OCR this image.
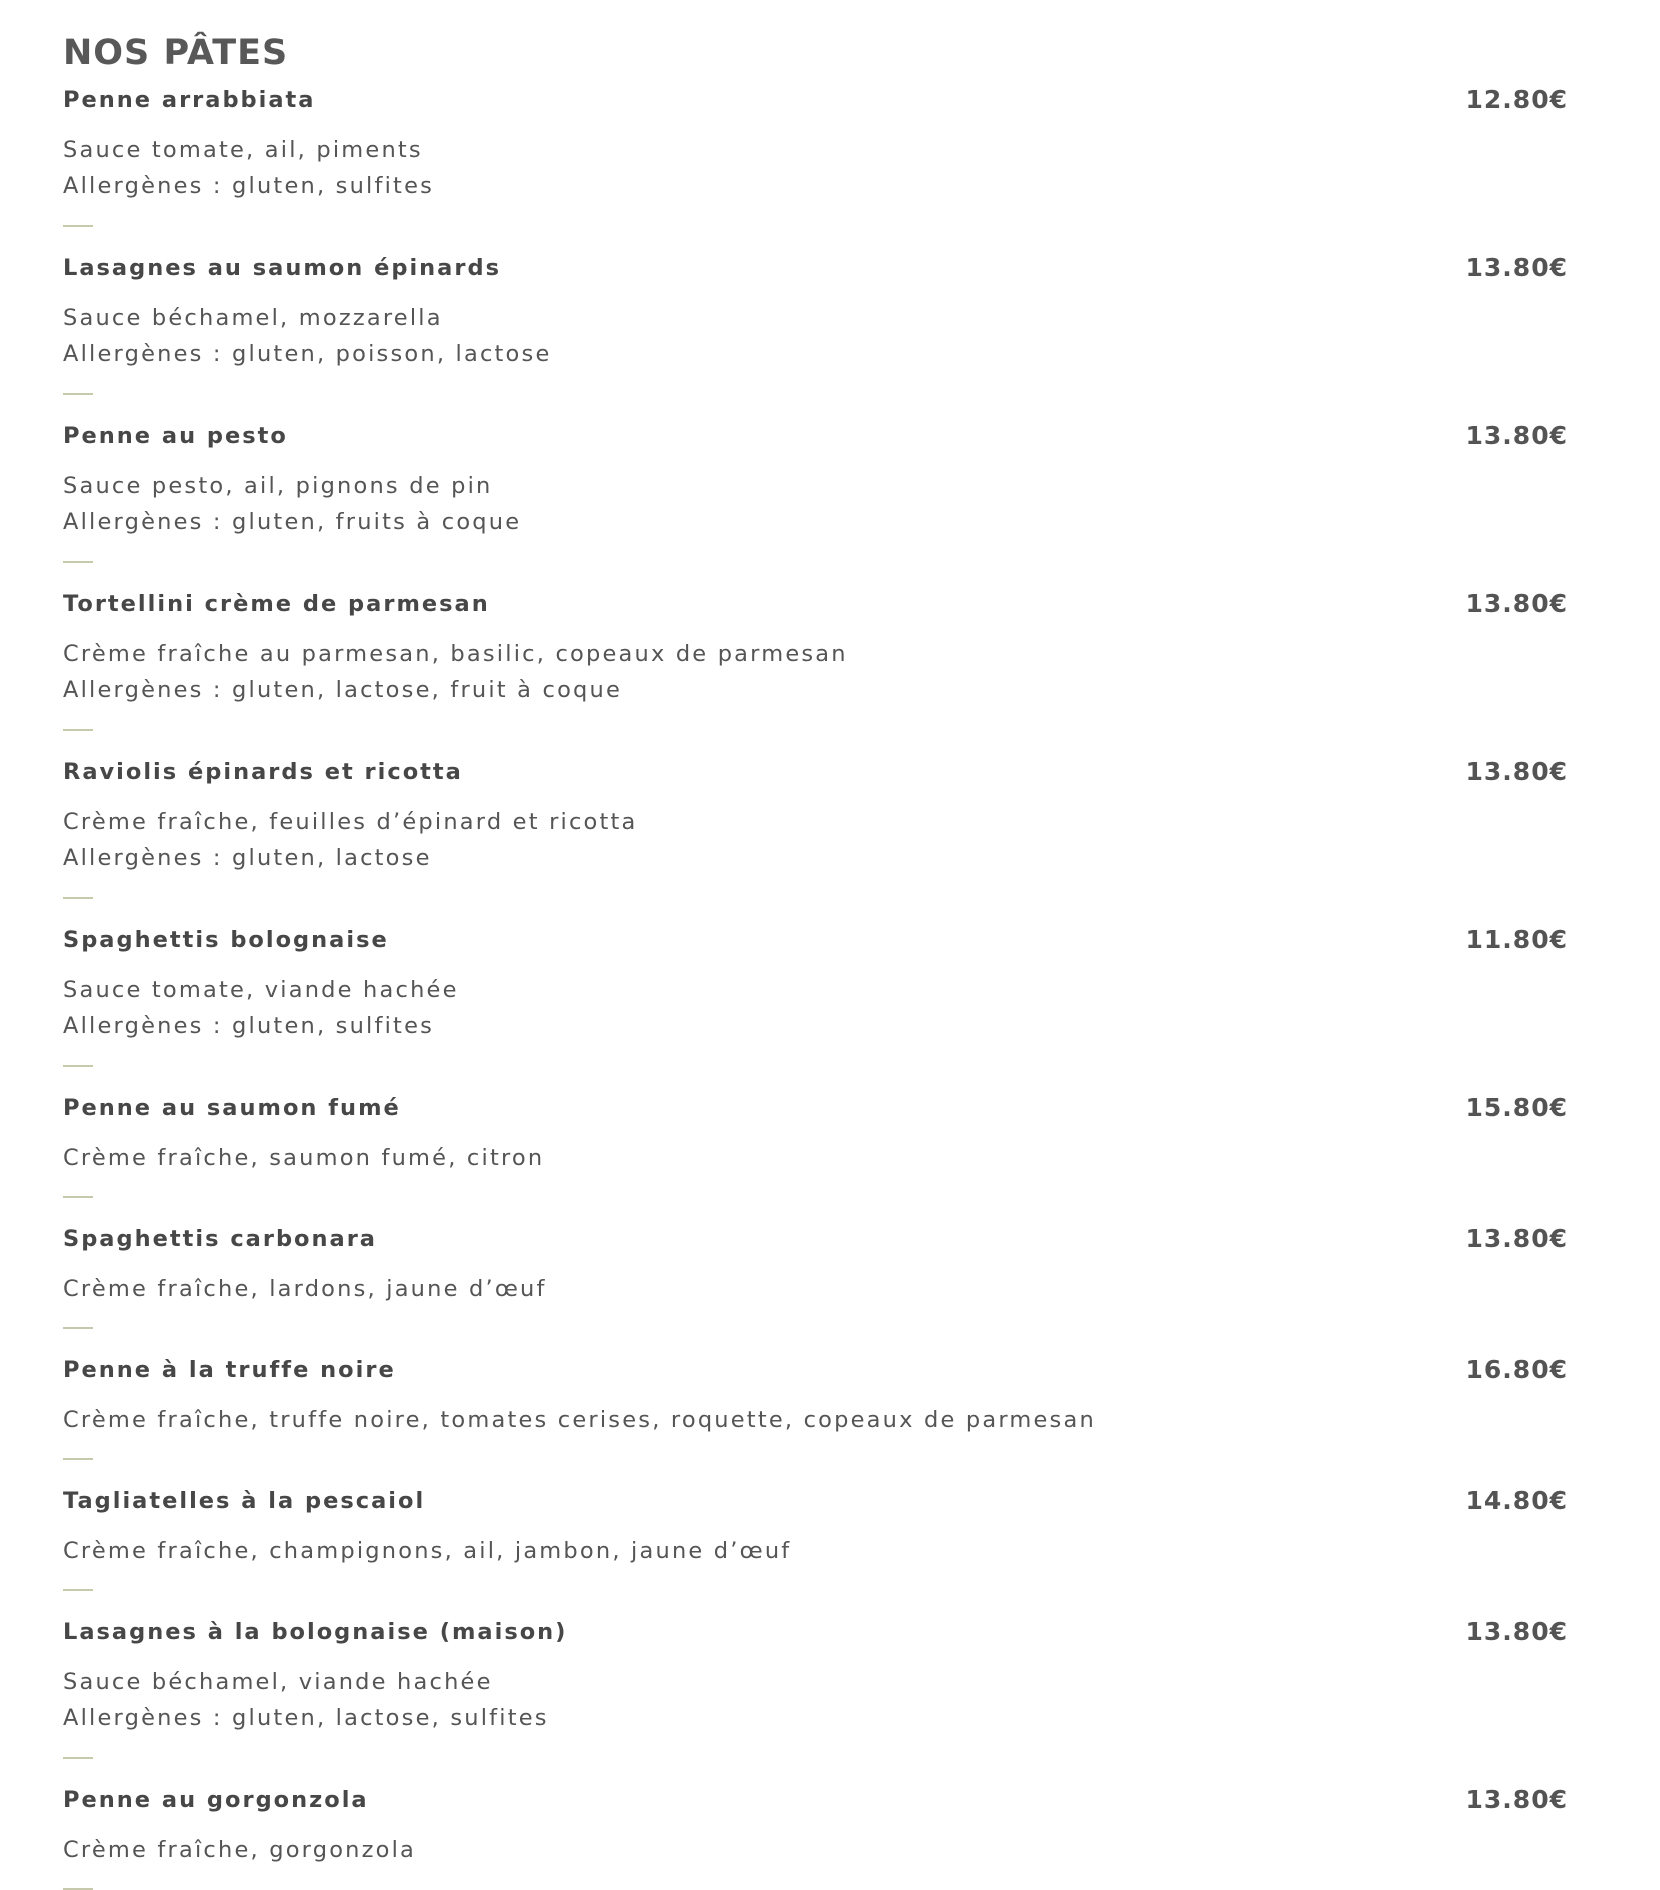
NOS PÂTES
Penne arrabbiata	12.80€
Sauce tomate, ail, piments
Allergènes : gluten, sulfites
Lasagnes au saumon épinards	13.80€
Sauce béchamel, mozzarella
Allergènes : gluten, poisson, lactose
Penne au pesto	13.80€
Sauce pesto, ail, pignons de pin
Allergènes : gluten, fruits à coque
Tortellini crème de parmesan	13.80€
Crème fraîche au parmesan, basilic, copeaux de parmesan
Allergènes : gluten, lactose, fruit à coque
Raviolis épinards et ricotta	13.80€
Crème fraîche, feuilles d’épinard et ricotta
Allergènes : gluten, lactose
Spaghettis bolognaise	11.80€
Sauce tomate, viande hachée
Allergènes : gluten, sulfites
Penne au saumon fumé	15.80€
Crème fraîche, saumon fumé, citron
Spaghettis carbonara	13.80€
Crème fraîche, lardons, jaune d’œuf
Penne à la truffe noire	16.80€
Crème fraîche, truffe noire, tomates cerises, roquette, copeaux de parmesan
Tagliatelles à la pescaiol	14.80€
Crème fraîche, champignons, ail, jambon, jaune d’œuf
Lasagnes à la bolognaise (maison)	13.80€
Sauce béchamel, viande hachée
Allergènes : gluten, lactose, sulfites
Penne au gorgonzola	13.80€
Crème fraîche, gorgonzola
